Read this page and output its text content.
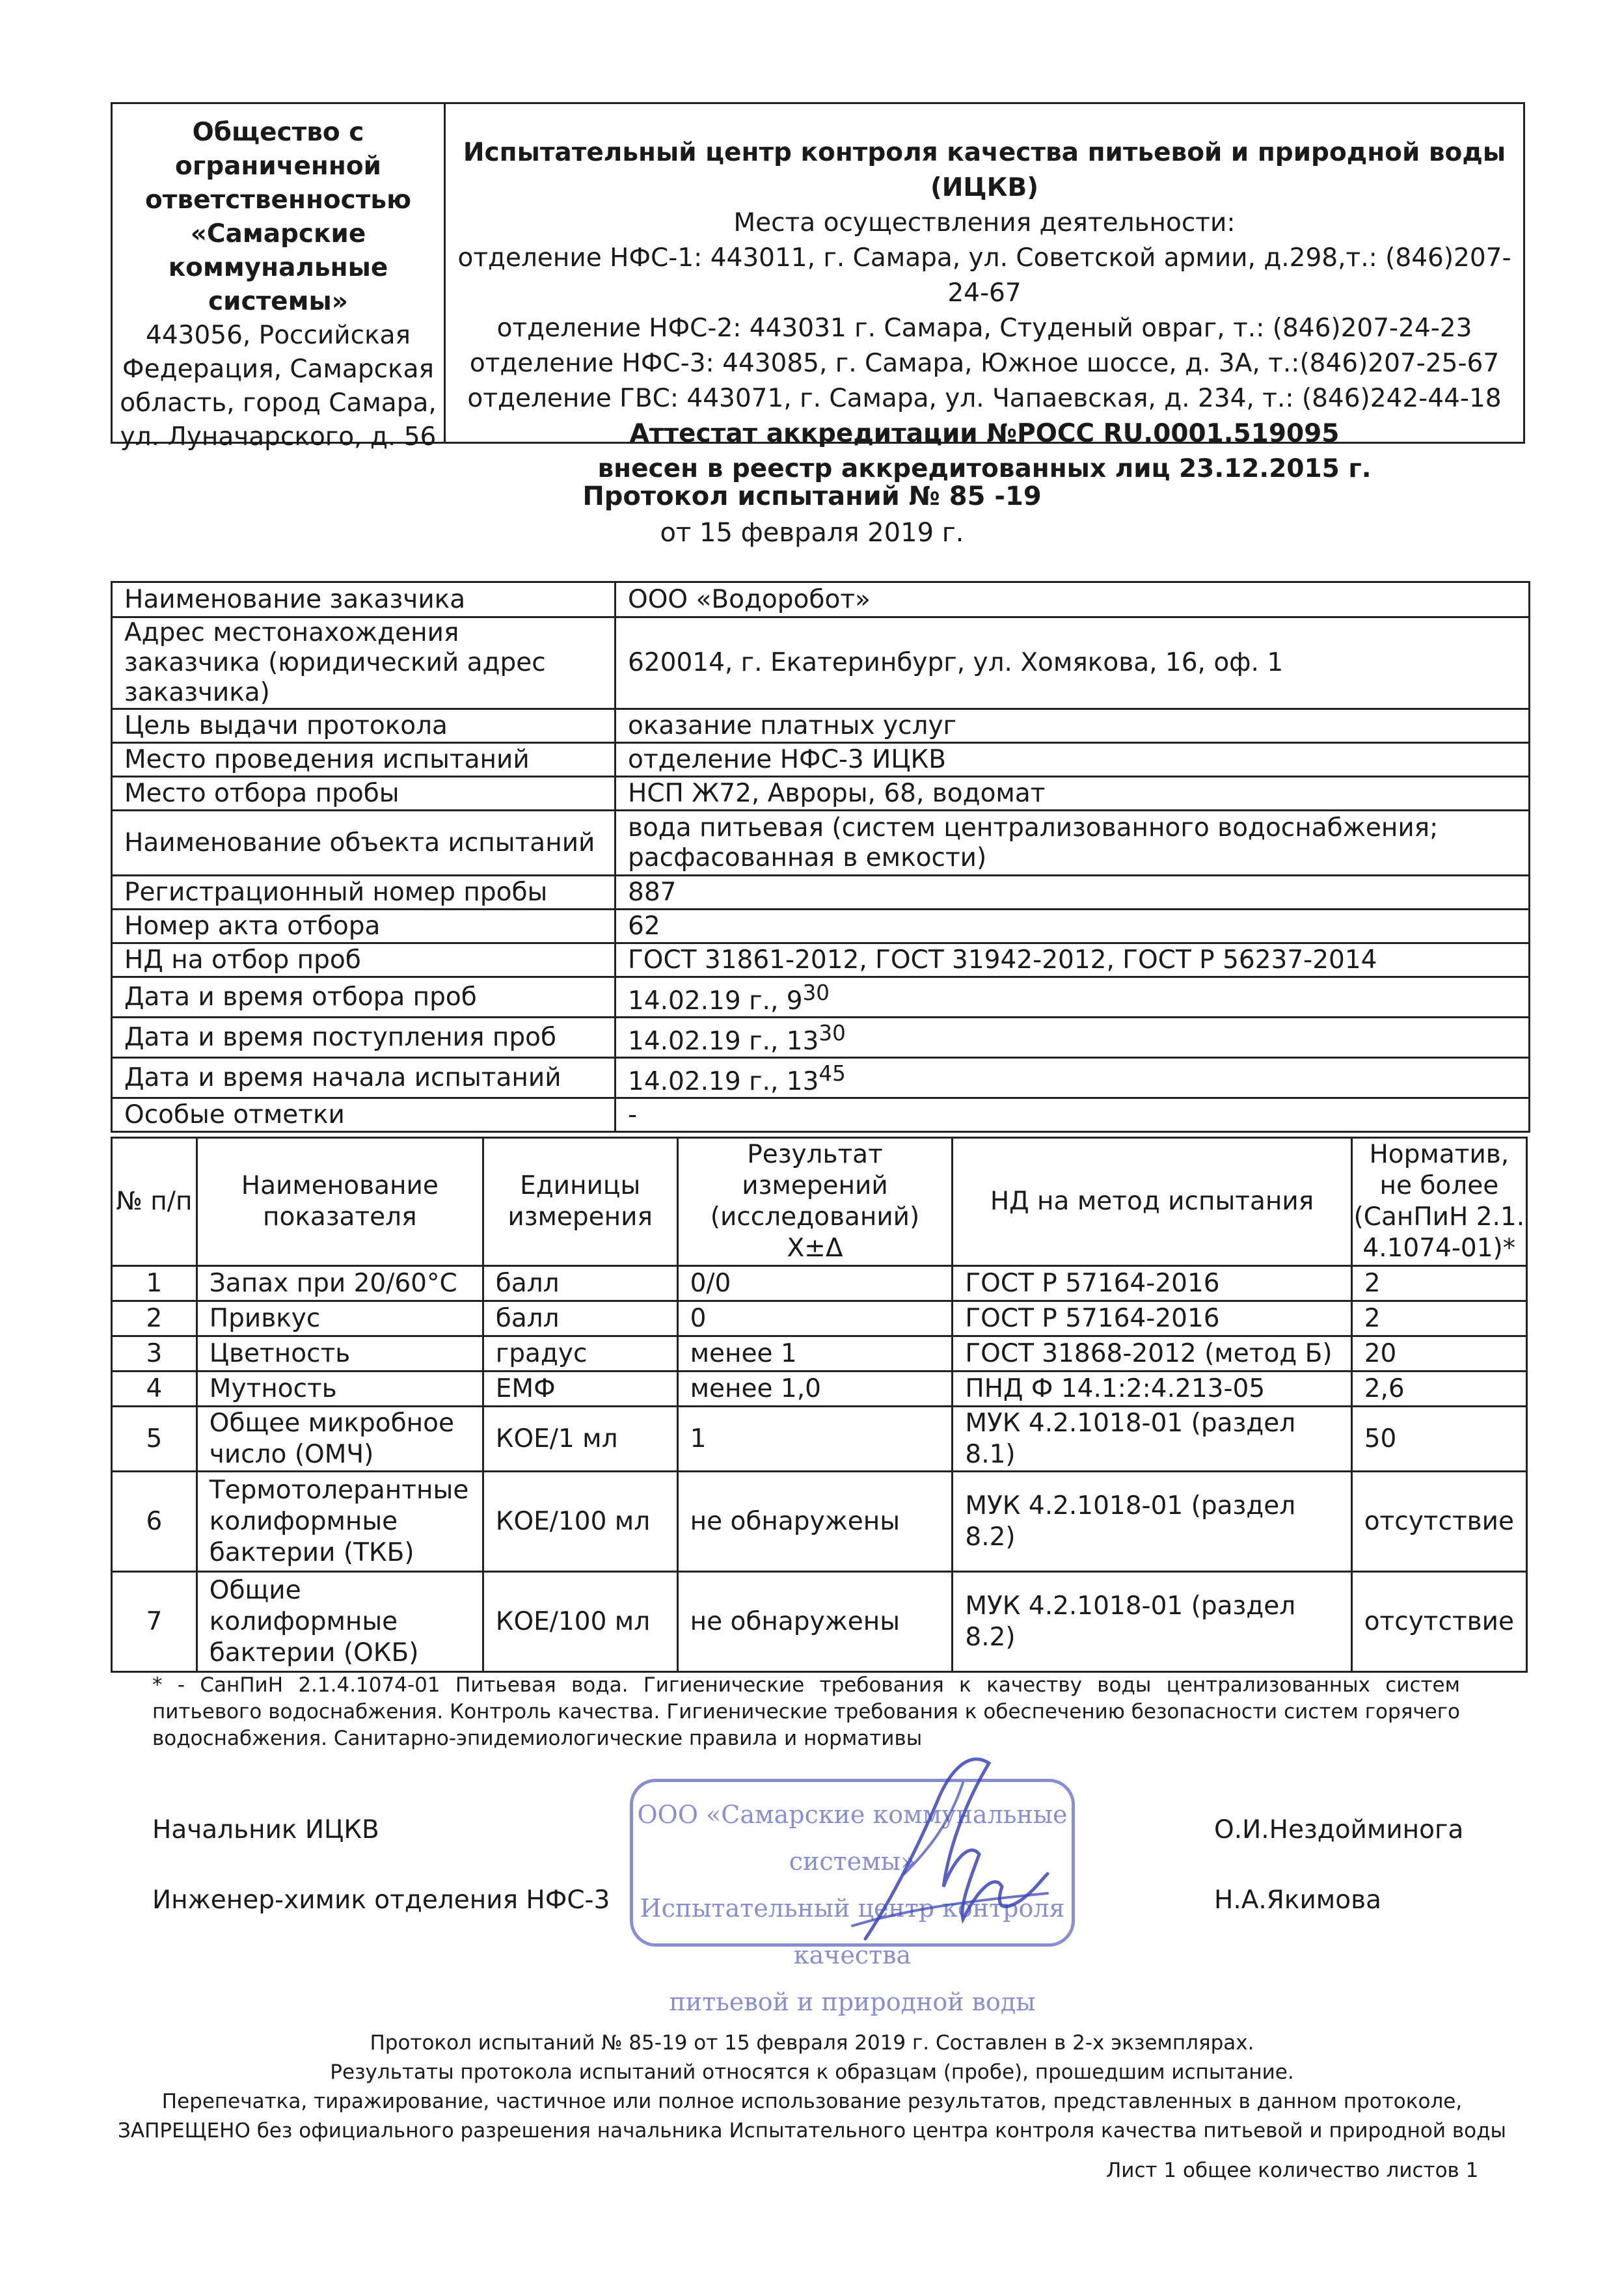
Общество с
ограниченной
ответственностью
«Самарские
коммунальные
системы»
443056, Российская
Федерация, Самарская
область, город Самара,
ул. Луначарского, д. 56
Испытательный центр контроля качества питьевой и природной воды
(ИЦКВ)
Места осуществления деятельности:
отделение НФС-1: 443011, г. Самара, ул. Советской армии, д.298,т.: (846)207-24-67
отделение НФС-2: 443031 г. Самара, Студеный овраг, т.: (846)207-24-23
отделение НФС-3: 443085, г. Самара, Южное шоссе, д. 3А, т.:(846)207-25-67
отделение ГВС: 443071, г. Самара, ул. Чапаевская, д. 234, т.: (846)242-44-18
Аттестат аккредитации №РОСС RU.0001.519095
внесен в реестр аккредитованных лиц 23.12.2015 г.
Протокол испытаний № 85 -19
от 15 февраля 2019 г.
Наименование заказчика	ООО «Водоробот»
Адрес местонахождения заказчика (юридический адрес заказчика)	620014, г. Екатеринбург, ул. Хомякова, 16, оф. 1
Цель выдачи протокола	оказание платных услуг
Место проведения испытаний	отделение НФС-3 ИЦКВ
Место отбора пробы	НСП Ж72, Авроры, 68, водомат
Наименование объекта испытаний	вода питьевая (систем централизованного водоснабжения; расфасованная в емкости)
Регистрационный номер пробы	887
Номер акта отбора	62
НД на отбор проб	ГОСТ 31861-2012, ГОСТ 31942-2012, ГОСТ Р 56237-2014
Дата и время отбора проб	14.02.19 г., $9^{30}$
Дата и время поступления проб	14.02.19 г., $13^{30}$
Дата и время начала испытаний	14.02.19 г., $13^{45}$
Особые отметки	-
№ п/п	Наименование показателя	Единицы измерения	Результат измерений (исследований) Х±Δ	НД на метод испытания	Норматив, не более (СанПиН 2.1. 4.1074-01)*
1	Запах при 20/60°С	балл	0/0	ГОСТ Р 57164-2016	2
2	Привкус	балл	0	ГОСТ Р 57164-2016	2
3	Цветность	градус	менее 1	ГОСТ 31868-2012 (метод Б)	20
4	Мутность	ЕМФ	менее 1,0	ПНД Ф 14.1:2:4.213-05	2,6
5	Общее микробное число (ОМЧ)	КОЕ/1 мл	1	МУК 4.2.1018-01 (раздел 8.1)	50
6	Термотолерантные колиформные бактерии (ТКБ)	КОЕ/100 мл	не обнаружены	МУК 4.2.1018-01 (раздел 8.2)	отсутствие
7	Общие колиформные бактерии (ОКБ)	КОЕ/100 мл	не обнаружены	МУК 4.2.1018-01 (раздел 8.2)	отсутствие
* - СанПиН 2.1.4.1074-01 Питьевая вода. Гигиенические требования к качеству воды централизованных систем питьевого водоснабжения. Контроль качества. Гигиенические требования к обеспечению безопасности систем горячего водоснабжения. Санитарно-эпидемиологические правила и нормативы
Начальник ИЦКВ	О.И.Нездойминога
Инженер-химик отделения НФС-3	Н.А.Якимова
ООО «Самарские коммунальные системы»
Испытательный центр контроля качества
питьевой и природной воды
Протокол испытаний № 85-19 от 15 февраля 2019 г. Составлен в 2-х экземплярах.
Результаты протокола испытаний относятся к образцам (пробе), прошедшим испытание.
Перепечатка, тиражирование, частичное или полное использование результатов, представленных в данном протоколе,
ЗАПРЕЩЕНО без официального разрешения начальника Испытательного центра контроля качества питьевой и природной воды
Лист 1 общее количество листов 1
